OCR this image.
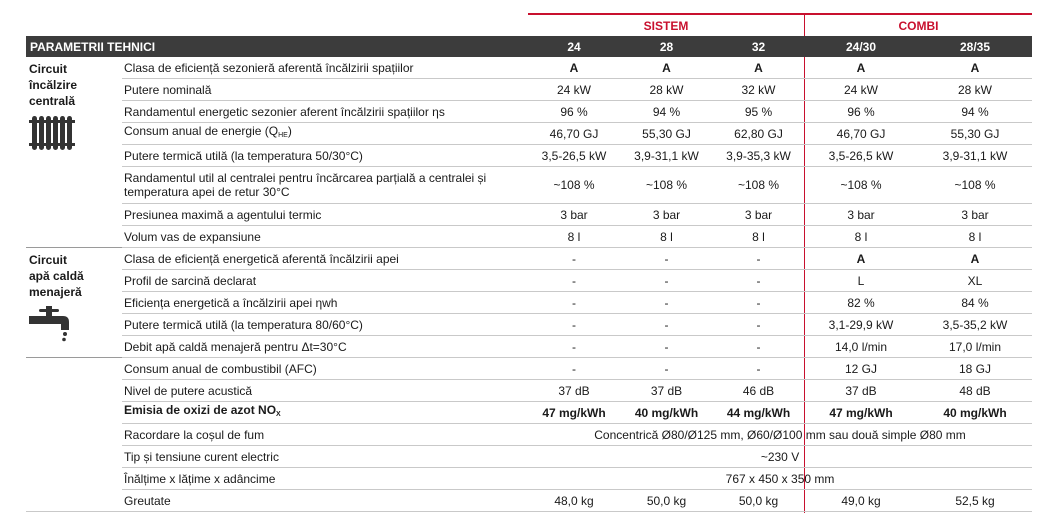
SISTEM	COMBI
PARAMETRII TEHNICI		24	28	32	24/30	28/35

Circuit
încălzire
centrală	Clasa de eficiență sezonieră aferentă încălzirii spațiilor	A	A	A	A	A
	Putere nominală	24 kW	28 kW	32 kW	24 kW	28 kW
	Randamentul energetic sezonier aferent încălzirii spațiilor ηs	96 %	94 %	95 %	96 %	94 %
	Consum anual de energie $(Q_{HE})$	46,70 GJ	55,30 GJ	62,80 GJ	46,70 GJ	55,30 GJ
	Putere termică utilă (la temperatura 50/30°C)	3,5-26,5 kW	3,9-31,1 kW	3,9-35,3 kW	3,5-26,5 kW	3,9-31,1 kW
	Randamentul util al centralei pentru încărcarea parțială a centralei și temperatura apei de retur 30°C	~108 %	~108 %	~108 %	~108 %	~108 %
	Presiunea maximă a agentului termic	3 bar	3 bar	3 bar	3 bar	3 bar
	Volum vas de expansiune	8 l	8 l	8 l	8 l	8 l

Circuit
apă caldă
menajeră	Clasa de eficiență energetică aferentă încălzirii apei	-	-	-	A	A
	Profil de sarcină declarat	-	-	-	L	XL
	Eficiența energetică a încălzirii apei ηwh	-	-	-	82 %	84 %
	Putere termică utilă (la temperatura 80/60°C)	-	-	-	3,1-29,9 kW	3,5-35,2 kW
	Debit apă caldă menajeră pentru Δt=30°C	-	-	-	14,0 l/min	17,0 l/min
	Consum anual de combustibil (AFC)	-	-	-	12 GJ	18 GJ
	Nivel de putere acustică	37 dB	37 dB	46 dB	37 dB	48 dB
	Emisia de oxizi de azot $NO_X$	47 mg/kWh	40 mg/kWh	44 mg/kWh	47 mg/kWh	40 mg/kWh
	Racordare la coșul de fum	Concentrică Ø80/Ø125 mm, Ø60/Ø100 mm sau două simple Ø80 mm				
	Tip și tensiune curent electric	~230 V				
	Înălțime x lățime x adâncime	767 x 450 x 350 mm				
	Greutate	48,0 kg	50,0 kg	50,0 kg	49,0 kg	52,5 kg
